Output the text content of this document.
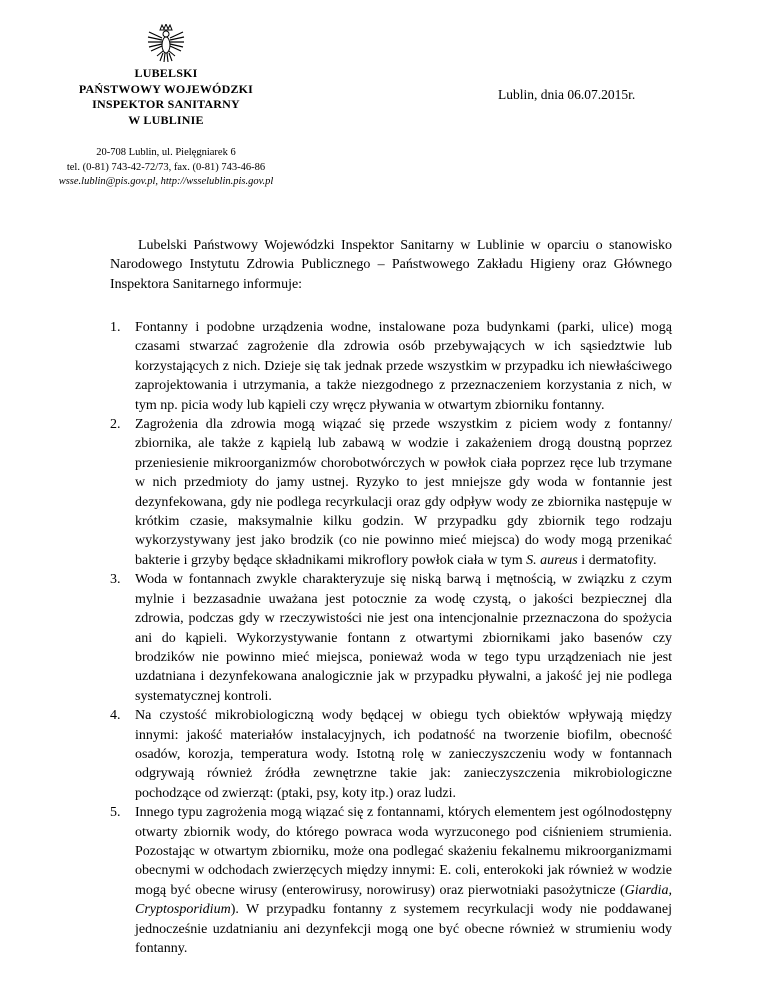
LUBELSKI
PAŃSTWOWY WOJEWÓDZKI
INSPEKTOR SANITARNY
W LUBLINIE
Lublin, dnia 06.07.2015r.
20-708 Lublin, ul. Pielęgniarek 6
tel. (0-81) 743-42-72/73, fax. (0-81) 743-46-86
wsse.lublin@pis.gov.pl, http://wsselublin.pis.gov.pl
Lubelski Państwowy Wojewódzki Inspektor Sanitarny w Lublinie w oparciu o stanowisko Narodowego Instytutu Zdrowia Publicznego – Państwowego Zakładu Higieny oraz Głównego Inspektora Sanitarnego informuje:
1. Fontanny i podobne urządzenia wodne, instalowane poza budynkami (parki, ulice) mogą czasami stwarzać zagrożenie dla zdrowia osób przebywających w ich sąsiedztwie lub korzystających z nich. Dzieje się tak jednak przede wszystkim w przypadku ich niewłaściwego zaprojektowania i utrzymania, a także niezgodnego z przeznaczeniem korzystania z nich, w tym np. picia wody lub kąpieli czy wręcz pływania w otwartym zbiorniku fontanny.
2. Zagrożenia dla zdrowia mogą wiązać się przede wszystkim z piciem wody z fontanny/ zbiornika, ale także z kąpielą lub zabawą w wodzie i zakażeniem drogą doustną poprzez przeniesienie mikroorganizmów chorobotwórczych w powłok ciała poprzez ręce lub trzymane w nich przedmioty do jamy ustnej. Ryzyko to jest mniejsze gdy woda w fontannie jest dezynfekowana, gdy nie podlega recyrkulacji oraz gdy odpływ wody ze zbiornika następuje w krótkim czasie, maksymalnie kilku godzin. W przypadku gdy zbiornik tego rodzaju wykorzystywany jest jako brodzik (co nie powinno mieć miejsca) do wody mogą przenikać bakterie i grzyby będące składnikami mikroflory powłok ciała w tym S. aureus i dermatofity.
3. Woda w fontannach zwykle charakteryzuje się niską barwą i mętnością, w związku z czym mylnie i bezzasadnie uważana jest potocznie za wodę czystą, o jakości bezpiecznej dla zdrowia, podczas gdy w rzeczywistości nie jest ona intencjonalnie przeznaczona do spożycia ani do kąpieli. Wykorzystywanie fontann z otwartymi zbiornikami jako basenów czy brodzików nie powinno mieć miejsca, ponieważ woda w tego typu urządzeniach nie jest uzdatniana i dezynfekowana analogicznie jak w przypadku pływalni, a jakość jej nie podlega systematycznej kontroli.
4. Na czystość mikrobiologiczną wody będącej w obiegu tych obiektów wpływają między innymi: jakość materiałów instalacyjnych, ich podatność na tworzenie biofilm, obecność osadów, korozja, temperatura wody. Istotną rolę w zanieczyszczeniu wody w fontannach odgrywają również źródła zewnętrzne takie jak: zanieczyszczenia mikrobiologiczne pochodzące od zwierząt: (ptaki, psy, koty itp.) oraz ludzi.
5. Innego typu zagrożenia mogą wiązać się z fontannami, których elementem jest ogólnodostępny otwarty zbiornik wody, do którego powraca woda wyrzuconego pod ciśnieniem strumienia. Pozostając w otwartym zbiorniku, może ona podlegać skażeniu fekalnemu mikroorganizmami obecnymi w odchodach zwierzęcych między innymi: E. coli, enterokoki jak również w wodzie mogą być obecne wirusy (enterowirusy, norowirusy) oraz pierwotniaki pasożytnicze (Giardia, Cryptosporidium). W przypadku fontanny z systemem recyrkulacji wody nie poddawanej jednocześnie uzdatnianiu ani dezynfekcji mogą one być obecne również w strumieniu wody fontanny.
